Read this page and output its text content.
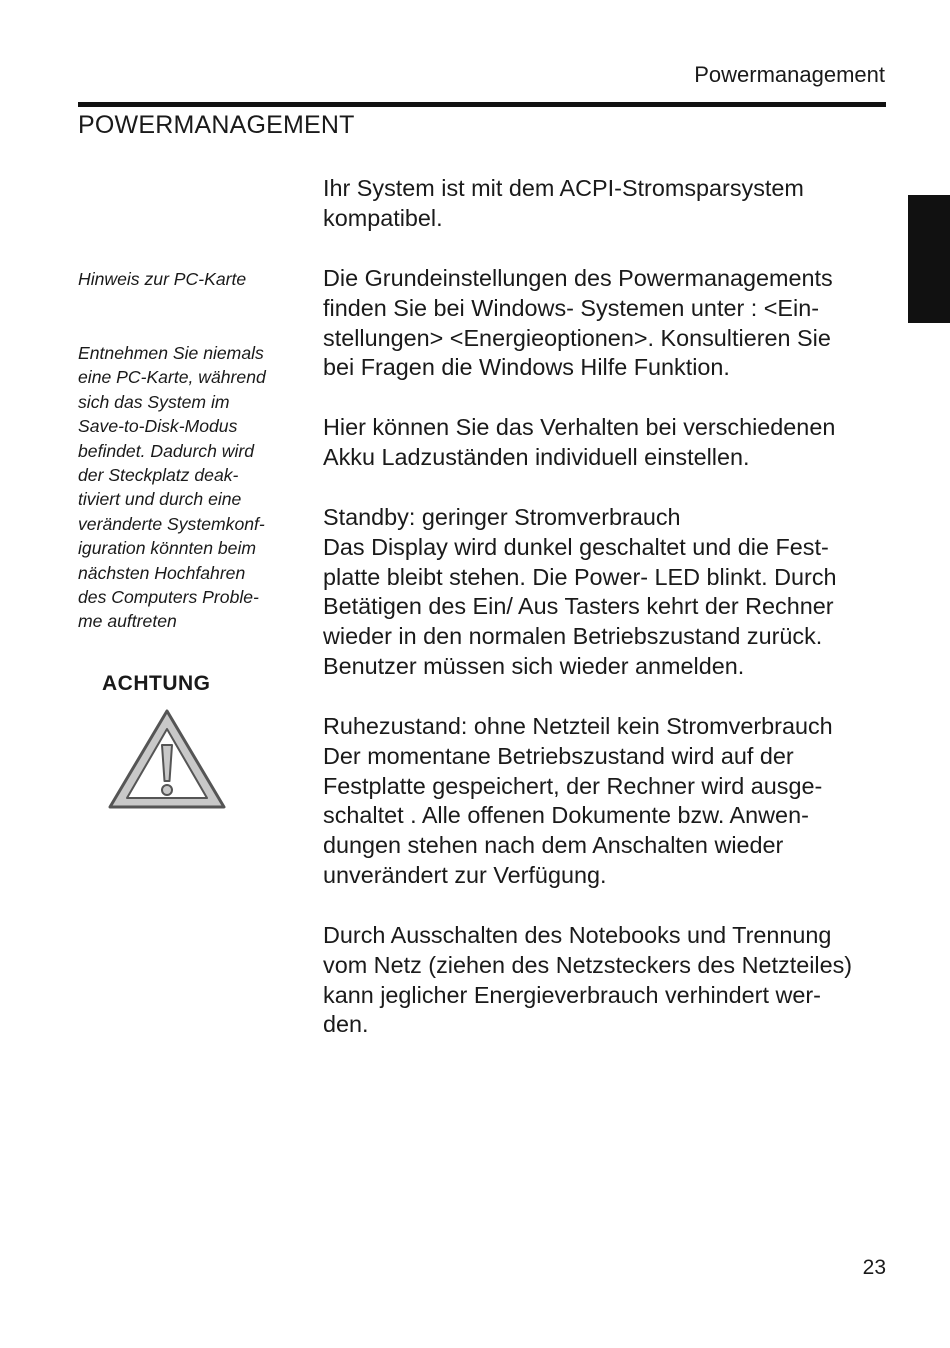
Powermanagement
POWERMANAGEMENT
Hinweis zur PC-Karte
Entnehmen Sie niemals
eine PC-Karte, während
sich das System im
Save-to-Disk-Modus
befindet. Dadurch wird
der Steckplatz deak-
tiviert und durch eine
veränderte Systemkonf-
iguration könnten beim
nächsten Hochfahren
des Computers Proble-
me auftreten
ACHTUNG

Ihr System ist mit dem ACPI-Stromsparsystem
kompatibel.

Die Grundeinstellungen des Powermanagements
finden Sie bei Windows- Systemen unter : <Ein-
stellungen> <Energieoptionen>. Konsultieren Sie
bei Fragen die Windows Hilfe Funktion.

Hier können Sie das Verhalten bei verschiedenen
Akku Ladzuständen individuell einstellen.

Standby: geringer Stromverbrauch
Das Display wird dunkel geschaltet und die Fest-
platte bleibt stehen. Die Power- LED blinkt. Durch
Betätigen des Ein/ Aus Tasters kehrt der Rechner
wieder in den normalen Betriebszustand zurück.
Benutzer müssen sich wieder anmelden.

Ruhezustand: ohne Netzteil kein Stromverbrauch
Der momentane Betriebszustand wird auf der
Festplatte gespeichert, der Rechner wird ausge-
schaltet . Alle offenen Dokumente bzw. Anwen-
dungen stehen nach dem Anschalten wieder
unverändert zur Verfügung.

Durch Ausschalten des Notebooks und Trennung
vom Netz (ziehen des Netzsteckers des Netzteiles)
kann jeglicher Energieverbrauch verhindert wer-
den.

23
